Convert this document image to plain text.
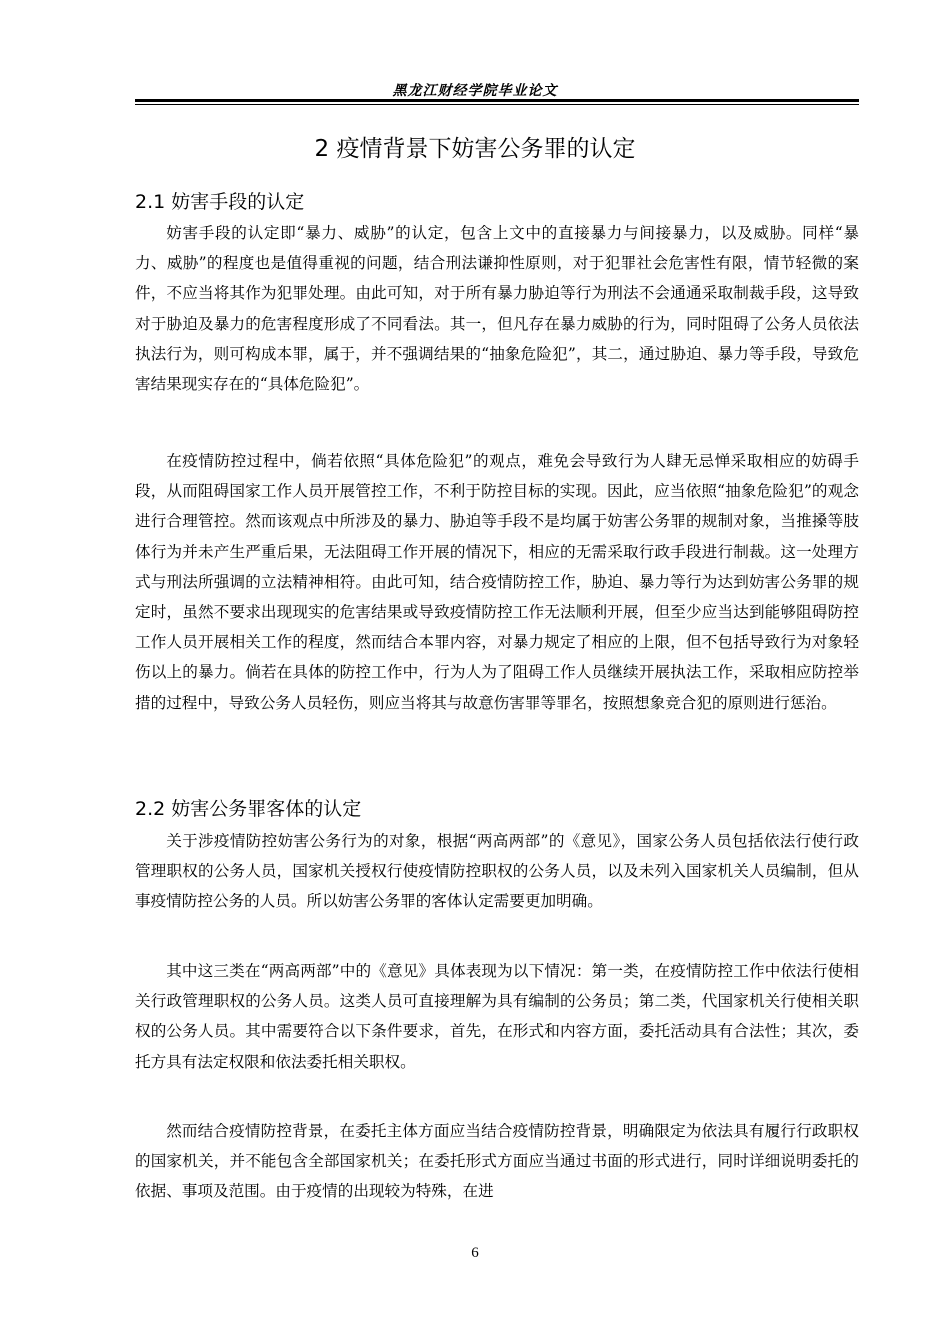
黑龙江财经学院毕业论文
2 疫情背景下妨害公务罪的认定
2.1 妨害手段的认定

妨害手段的认定即“暴力、威胁”的认定，包含上文中的直接暴力与间接暴力，以及威胁。同样“暴力、威胁”的程度也是值得重视的问题，结合刑法谦抑性原则，对于犯罪社会危害性有限，情节轻微的案件，不应当将其作为犯罪处理。由此可知，对于所有暴力胁迫等行为刑法不会通通采取制裁手段，这导致对于胁迫及暴力的危害程度形成了不同看法。其一，但凡存在暴力威胁的行为，同时阻碍了公务人员依法执法行为，则可构成本罪，属于，并不强调结果的“抽象危险犯”，其二，通过胁迫、暴力等手段，导致危害结果现实存在的“具体危险犯”。

在疫情防控过程中，倘若依照“具体危险犯”的观点，难免会导致行为人肆无忌惮采取相应的妨碍手段，从而阻碍国家工作人员开展管控工作，不利于防控目标的实现。因此，应当依照“抽象危险犯”的观念进行合理管控。然而该观点中所涉及的暴力、胁迫等手段不是均属于妨害公务罪的规制对象，当推搡等肢体行为并未产生严重后果，无法阻碍工作开展的情况下，相应的无需采取行政手段进行制裁。这一处理方式与刑法所强调的立法精神相符。由此可知，结合疫情防控工作，胁迫、暴力等行为达到妨害公务罪的规定时，虽然不要求出现现实的危害结果或导致疫情防控工作无法顺利开展，但至少应当达到能够阻碍防控工作人员开展相关工作的程度，然而结合本罪内容，对暴力规定了相应的上限，但不包括导致行为对象轻伤以上的暴力。倘若在具体的防控工作中，行为人为了阻碍工作人员继续开展执法工作，采取相应防控举措的过程中，导致公务人员轻伤，则应当将其与故意伤害罪等罪名，按照想象竞合犯的原则进行惩治。

2.2 妨害公务罪客体的认定

关于涉疫情防控妨害公务行为的对象，根据“两高两部”的《意见》，国家公务人员包括依法行使行政管理职权的公务人员，国家机关授权行使疫情防控职权的公务人员，以及未列入国家机关人员编制，但从事疫情防控公务的人员。所以妨害公务罪的客体认定需要更加明确。

其中这三类在“两高两部”中的《意见》具体表现为以下情况：第一类，在疫情防控工作中依法行使相关行政管理职权的公务人员。这类人员可直接理解为具有编制的公务员；第二类，代国家机关行使相关职权的公务人员。其中需要符合以下条件要求，首先，在形式和内容方面，委托活动具有合法性；其次，委托方具有法定权限和依法委托相关职权。

然而结合疫情防控背景，在委托主体方面应当结合疫情防控背景，明确限定为依法具有履行行政职权的国家机关，并不能包含全部国家机关；在委托形式方面应当通过书面的形式进行，同时详细说明委托的依据、事项及范围。由于疫情的出现较为特殊，在进

6
